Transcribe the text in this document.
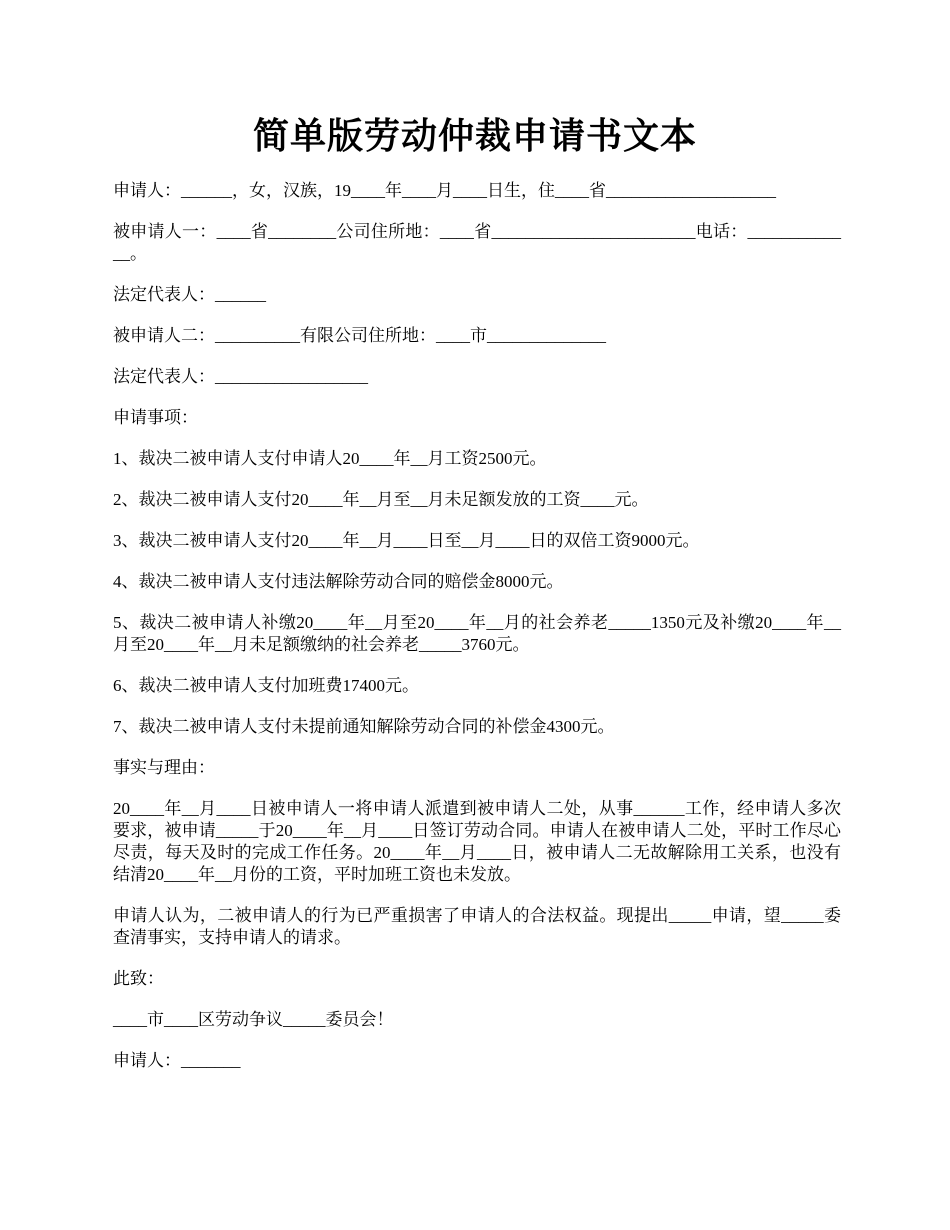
简单版劳动仲裁申请书文本

申请人：______，女，汉族，19____年____月____日生，住____省____________________

被申请人一：____省________公司住所地：____省________________________电话：_____________。

法定代表人：______

被申请人二：__________有限公司住所地：____市______________

法定代表人：__________________

申请事项：

1、裁决二被申请人支付申请人20____年__月工资2500元。

2、裁决二被申请人支付20____年__月至__月未足额发放的工资____元。

3、裁决二被申请人支付20____年__月____日至__月____日的双倍工资9000元。

4、裁决二被申请人支付违法解除劳动合同的赔偿金8000元。

5、裁决二被申请人补缴20____年__月至20____年__月的社会养老_____1350元及补缴20____年__月至20____年__月未足额缴纳的社会养老_____3760元。

6、裁决二被申请人支付加班费17400元。

7、裁决二被申请人支付未提前通知解除劳动合同的补偿金4300元。

事实与理由：

20____年__月____日被申请人一将申请人派遣到被申请人二处，从事______工作，经申请人多次要求，被申请_____于20____年__月____日签订劳动合同。申请人在被申请人二处，平时工作尽心尽责，每天及时的完成工作任务。20____年__月____日，被申请人二无故解除用工关系，也没有结清20____年__月份的工资，平时加班工资也未发放。

申请人认为，二被申请人的行为已严重损害了申请人的合法权益。现提出_____申请，望_____委查清事实，支持申请人的请求。

此致：

____市____区劳动争议_____委员会！

申请人：_______
